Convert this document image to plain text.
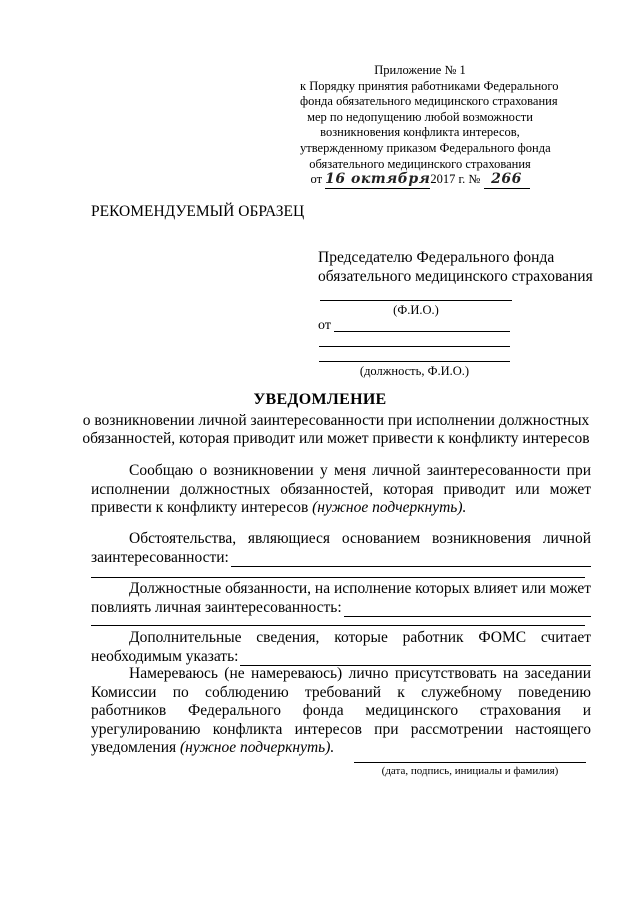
Приложение № 1
к Порядку принятия работниками Федерального
фонда обязательного медицинского страхования
мер по недопущению любой возможности
возникновения конфликта интересов,
утвержденному приказом Федерального фонда
обязательного медицинского страхования
от 16 октября2017 г. № 266
РЕКОМЕНДУЕМЫЙ ОБРАЗЕЦ
Председателю Федерального фонда
обязательного медицинского страхования
(Ф.И.О.)
от
(должность, Ф.И.О.)
УВЕДОМЛЕНИЕ
о возникновении личной заинтересованности при исполнении должностных
обязанностей, которая приводит или может привести к конфликту интересов
Сообщаю о возникновении у меня личной заинтересованности при исполнении должностных обязанностей, которая приводит или может привести к конфликту интересов (нужное подчеркнуть).
Обстоятельства, являющиеся основанием возникновения личной
заинтересованности:
Должностные обязанности, на исполнение которых влияет или может
повлиять личная заинтересованность:
Дополнительные сведения, которые работник ФОМС считает
необходимым указать:
Намереваюсь (не намереваюсь) лично присутствовать на заседании Комиссии по соблюдению требований к служебному поведению работников Федерального фонда медицинского страхования и урегулированию конфликта интересов при рассмотрении настоящего уведомления (нужное подчеркнуть).
(дата, подпись, инициалы и фамилия)
